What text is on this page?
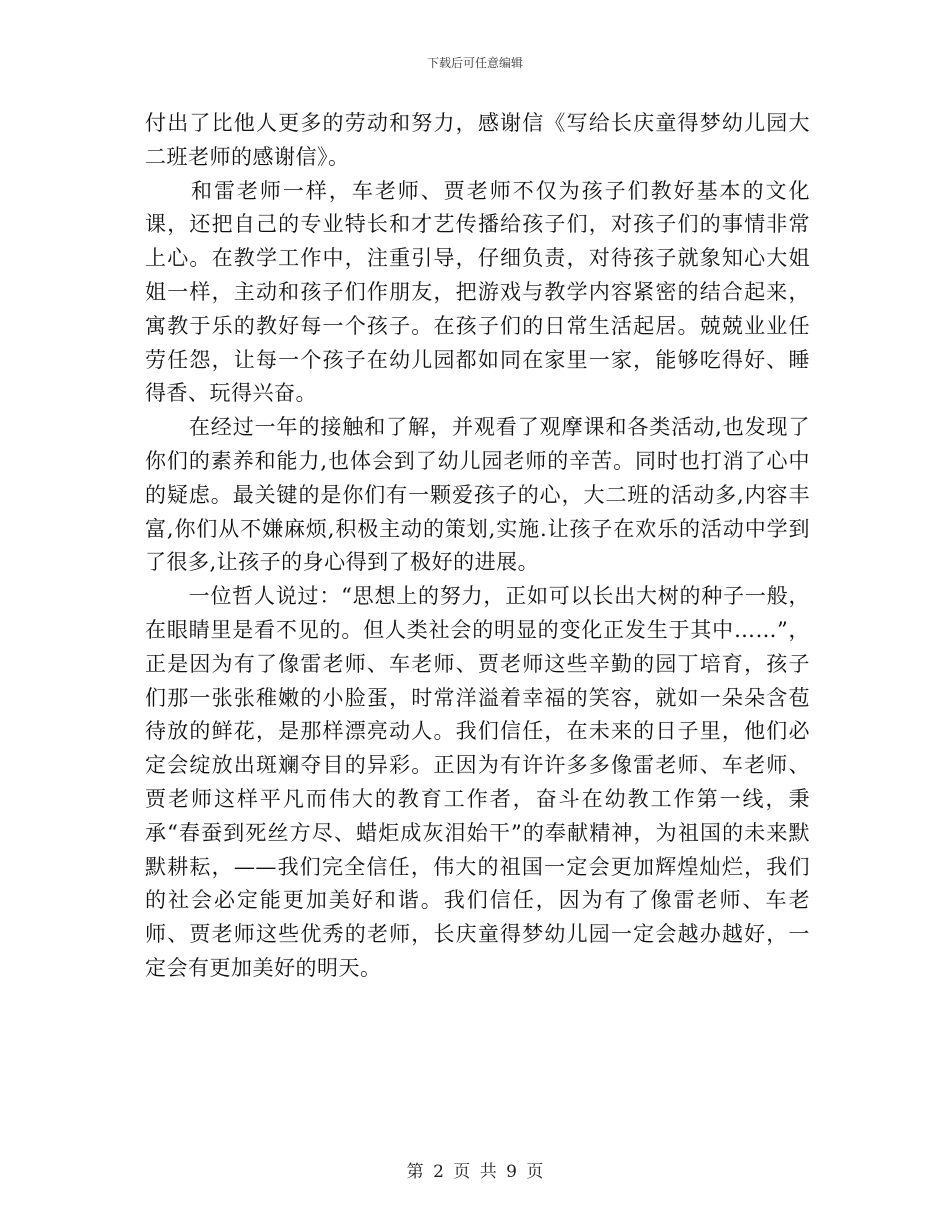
下载后可任意编辑

付出了比他人更多的劳动和努力，感谢信《写给长庆童得梦幼儿园大二班老师的感谢信》。

　　和雷老师一样，车老师、贾老师不仅为孩子们教好基本的文化课，还把自己的专业特长和才艺传播给孩子们，对孩子们的事情非常上心。在教学工作中，注重引导，仔细负责，对待孩子就象知心大姐姐一样，主动和孩子们作朋友，把游戏与教学内容紧密的结合起来，寓教于乐的教好每一个孩子。在孩子们的日常生活起居。兢兢业业任劳任怨，让每一个孩子在幼儿园都如同在家里一家，能够吃得好、睡得香、玩得兴奋。

　　在经过一年的接触和了解，并观看了观摩课和各类活动,也发现了你们的素养和能力,也体会到了幼儿园老师的辛苦。同时也打消了心中的疑虑。最关键的是你们有一颗爱孩子的心，大二班的活动多,内容丰富,你们从不嫌麻烦,积极主动的策划,实施.让孩子在欢乐的活动中学到了很多,让孩子的身心得到了极好的进展。

　　一位哲人说过：“思想上的努力，正如可以长出大树的种子一般，在眼睛里是看不见的。但人类社会的明显的变化正发生于其中……”，正是因为有了像雷老师、车老师、贾老师这些辛勤的园丁培育，孩子们那一张张稚嫩的小脸蛋，时常洋溢着幸福的笑容，就如一朵朵含苞待放的鲜花，是那样漂亮动人。我们信任，在未来的日子里，他们必定会绽放出斑斓夺目的异彩。正因为有许许多多像雷老师、车老师、贾老师这样平凡而伟大的教育工作者，奋斗在幼教工作第一线，秉承“春蚕到死丝方尽、蜡炬成灰泪始干”的奉献精神，为祖国的未来默默耕耘，——我们完全信任，伟大的祖国一定会更加辉煌灿烂，我们的社会必定能更加美好和谐。我们信任，因为有了像雷老师、车老师、贾老师这些优秀的老师，长庆童得梦幼儿园一定会越办越好，一定会有更加美好的明天。

第 2 页 共 9 页
